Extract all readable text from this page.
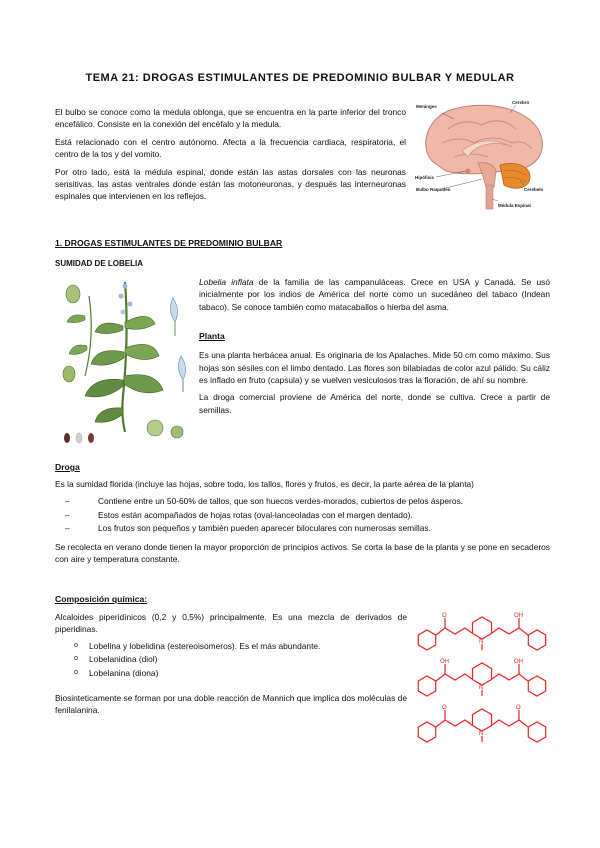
TEMA 21: DROGAS ESTIMULANTES DE PREDOMINIO BULBAR Y MEDULAR

El bulbo se conoce como la medula oblonga, que se encuentra en la parte inferior del tronco encefálico. Consiste en la conexión del encéfalo y la medula.

Está relacionado con el centro autónomo. Afecta a la frecuencia cardiaca, respiratoria, el centro de la tos y del vomito.

Por otro lado, está la médula espinal, donde están las astas dorsales con las neuronas sensitivas, las astas ventrales donde están las motoneuronas, y después las interneuronas espinales que intervienen en los reflejos.

Meninges
Cerebro
Hipófisis
Bulbo Raquídeo	Cerebelo
Médula Espinal
1. DROGAS ESTIMULANTES DE PREDOMINIO BULBAR
SUMIDAD DE LOBELIA

Lobelia inflata de la familia de las campanuláceas. Crece en USA y Canadá. Se usó inicialmente por los indios de América del norte como un sucedáneo del tabaco (Indean tabaco). Se conoce también como matacaballos o hierba del asma.

Planta

Es una planta herbácea anual. Es originaria de los Apalaches. Mide 50 cm como máximo. Sus hojas son sésiles con el limbo dentado. Las flores son bilabiadas de color azul pálido. Su cáliz es inflado en fruto (capsula) y se vuelven vesiculosos tras la floración, de ahí su nombre.

La droga comercial proviene de América del norte, donde se cultiva. Crece a partir de semillas.

Droga

Es la sumidad florida (incluye las hojas, sobre todo, los tallos, flores y frutos, es decir, la parte aérea de la planta)

– Contiene entre un 50-60% de tallos, que son huecos verdes-morados, cubiertos de pelos ásperos.
– Estos están acompañados de hojas rotas (oval-lanceoladas con el margen dentado).
– Los frutos son pequeños y también pueden aparecer biloculares con numerosas semillas.

Se recolecta en verano donde tienen la mayor proporción de principios activos. Se corta la base de la planta y se pone en secaderos con aire y temperatura constante.

Composición química:

Alcaloides piperidínicos (0,2 y 0,5%) principalmente. Es una mezcla de derivados de piperidinas.

o Lobelina y lobelidina (estereoisomeros). Es el más abundante.
o Lobelanidina (diol)
o Lobelanina (diona)

Biosinteticamente se forman por una doble reacción de Mannich que implica dos moléculas de fenilalanina.

O	OH
N
OH	OH
N
O	O
N
